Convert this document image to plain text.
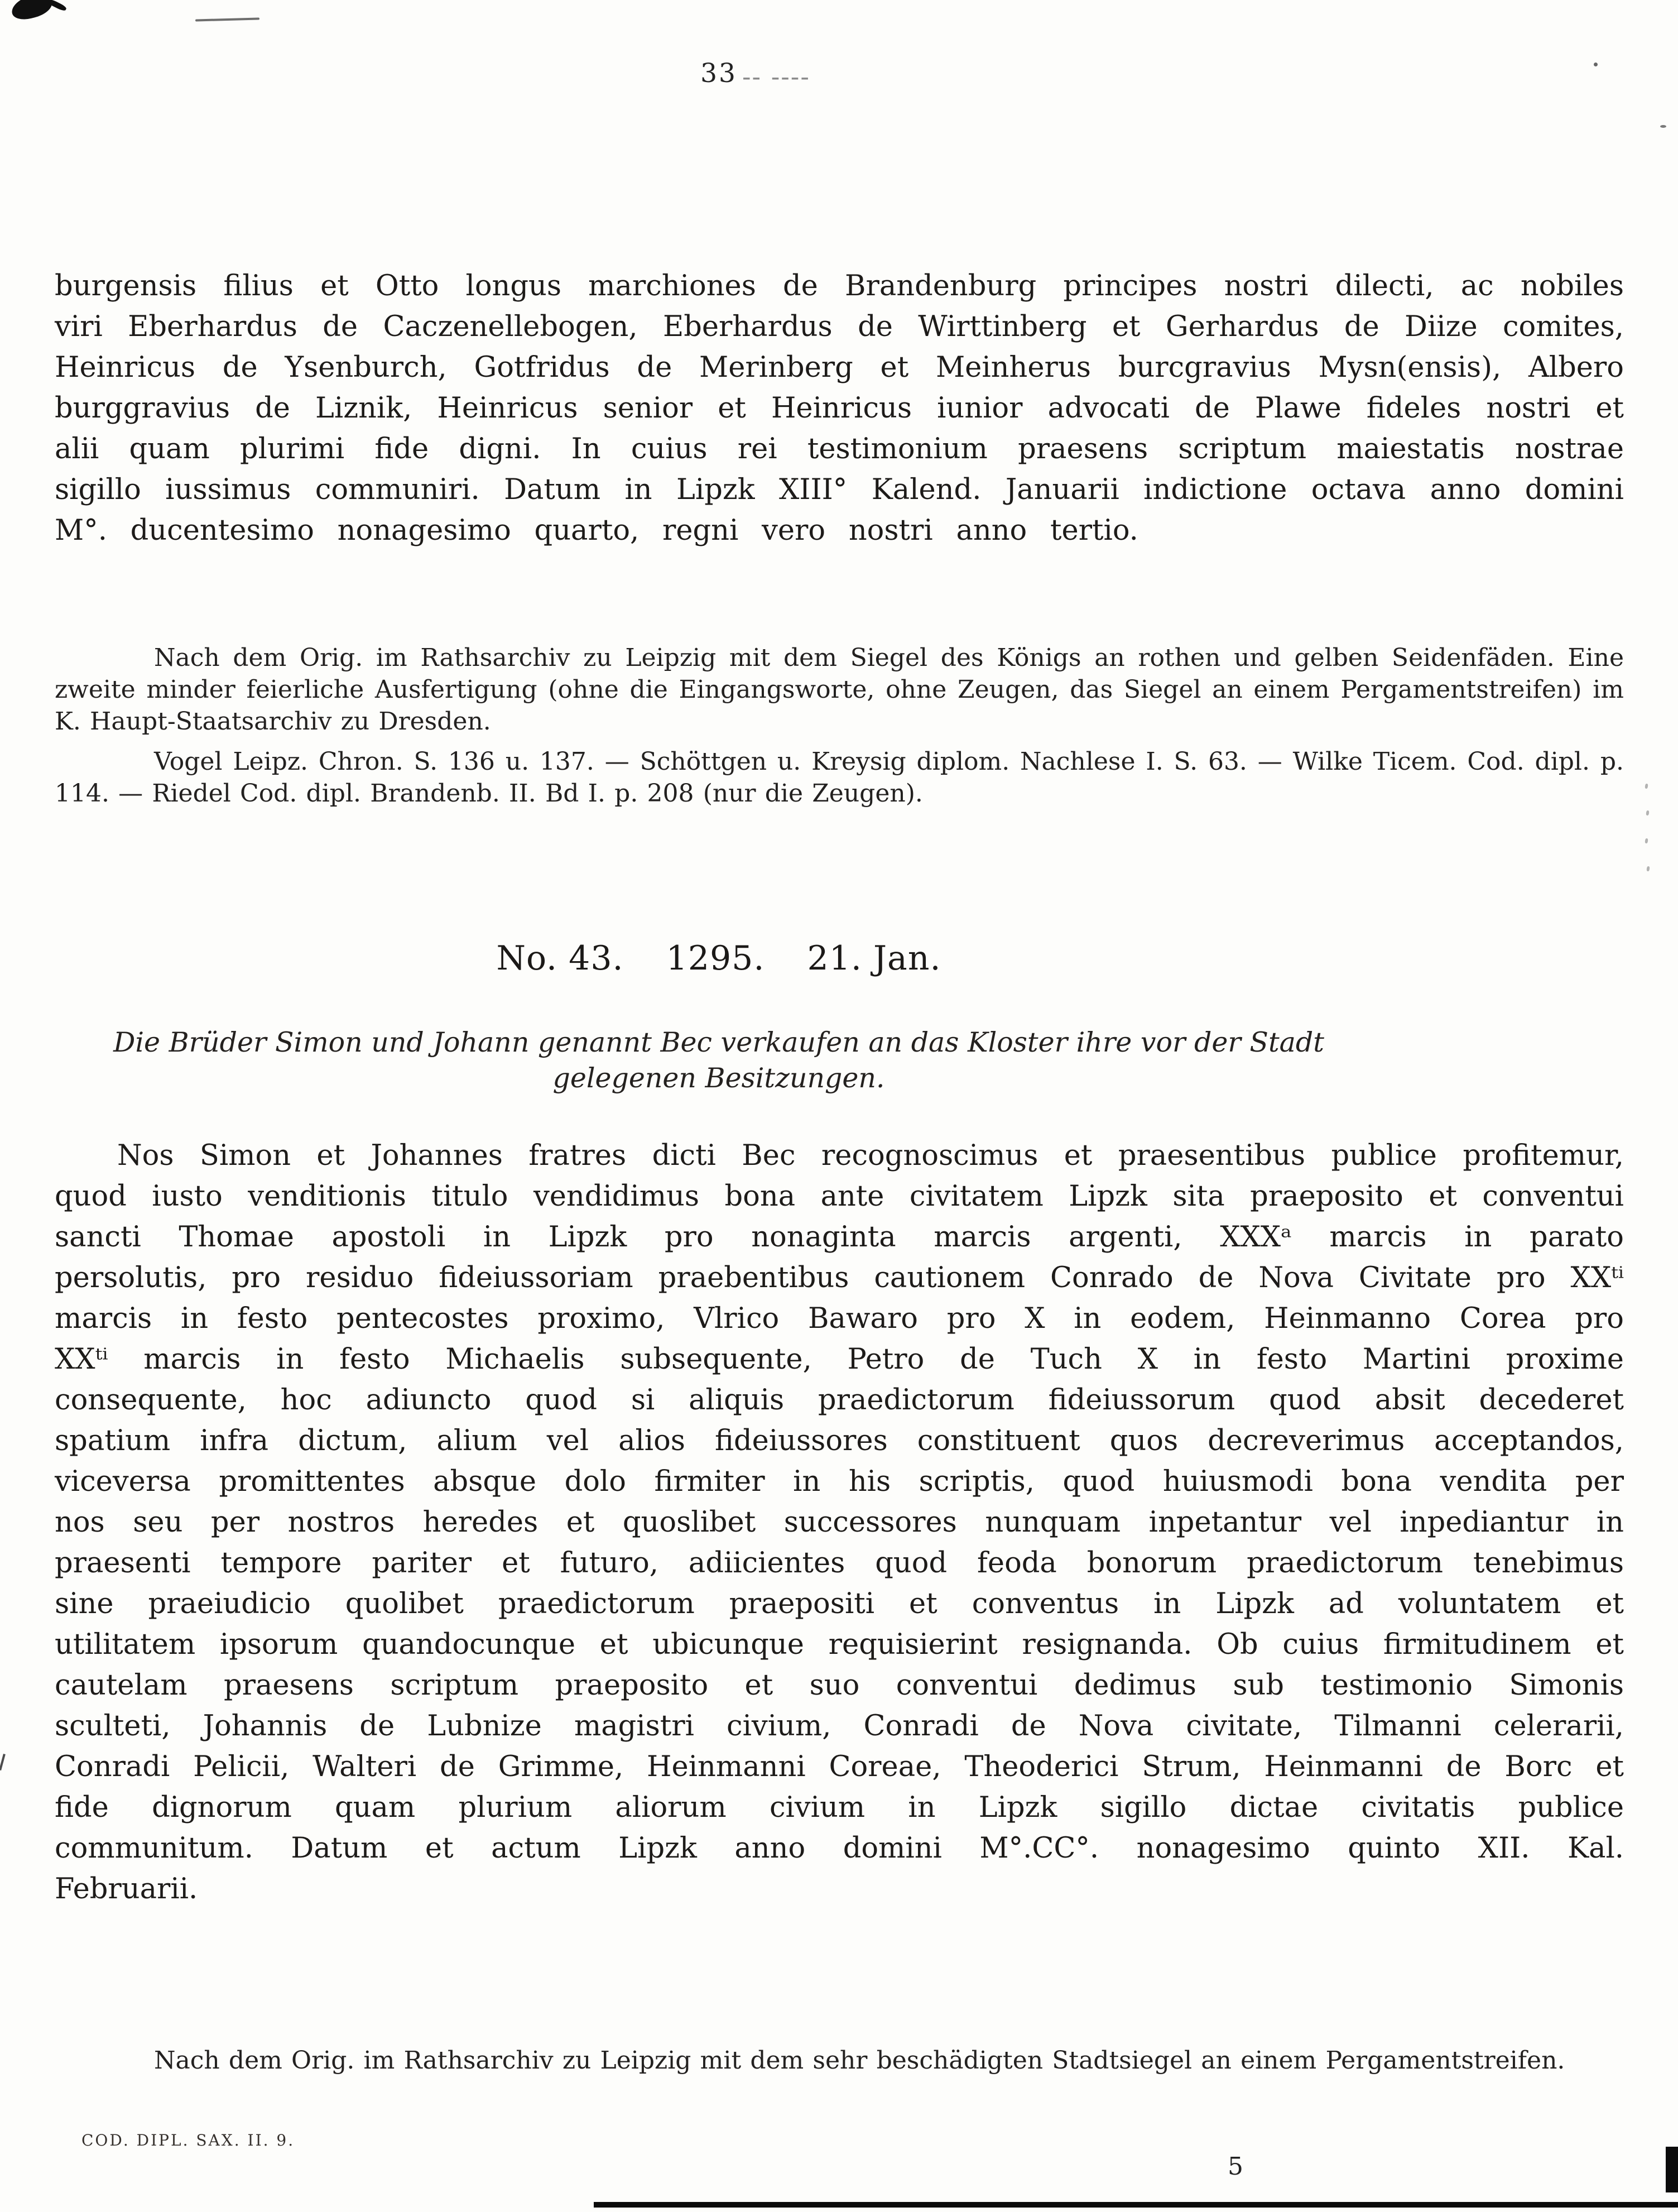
33 -- ----

burgensis filius et Otto longus marchiones de Brandenburg principes nostri dilecti, ac nobiles viri Eberhardus de Caczenellebogen, Eberhardus de Wirttinberg et Gerhardus de Diize comites, Heinricus de Ysenburch, Gotfridus de Merinberg et Meinherus burcgravius Mysn(ensis), Albero burggravius de Liznik, Heinricus senior et Heinricus iunior advocati de Plawe fideles nostri et alii quam plurimi fide digni. In cuius rei testimonium praesens scriptum maiestatis nostrae sigillo iussimus communiri. Datum in Lipzk XIII° Kalend. Januarii indictione octava anno domini M°. ducentesimo nonagesimo quarto, regni vero nostri anno tertio.

Nach dem Orig. im Rathsarchiv zu Leipzig mit dem Siegel des Königs an rothen und gelben Seidenfäden. Eine zweite minder feierliche Ausfertigung (ohne die Eingangsworte, ohne Zeugen, das Siegel an einem Pergamentstreifen) im K. Haupt-Staatsarchiv zu Dresden.

Vogel Leipz. Chron. S. 136 u. 137. — Schöttgen u. Kreysig diplom. Nachlese I. S. 63. — Wilke Ticem. Cod. dipl. p. 114. — Riedel Cod. dipl. Brandenb. II. Bd I. p. 208 (nur die Zeugen).

No. 43. 1295. 21. Jan.

Die Brüder Simon und Johann genannt Bec verkaufen an das Kloster ihre vor der Stadt gelegenen Besitzungen.

Nos Simon et Johannes fratres dicti Bec recognoscimus et praesentibus publice profitemur, quod iusto venditionis titulo vendidimus bona ante civitatem Lipzk sita praeposito et conventui sancti Thomae apostoli in Lipzk pro nonaginta marcis argenti, XXXᵃ marcis in parato persolutis, pro residuo fideiussoriam praebentibus cautionem Conrado de Nova Civitate pro XXᵗⁱ marcis in festo pentecostes proximo, Vlrico Bawaro pro X in eodem, Heinmanno Corea pro XXᵗⁱ marcis in festo Michaelis subsequente, Petro de Tuch X in festo Martini proxime consequente, hoc adiuncto quod si aliquis praedictorum fideiussorum quod absit decederet spatium infra dictum, alium vel alios fideiussores constituent quos decreverimus acceptandos, viceversa promittentes absque dolo firmiter in his scriptis, quod huiusmodi bona vendita per nos seu per nostros heredes et quoslibet successores nunquam inpetantur vel inpediantur in praesenti tempore pariter et futuro, adiicientes quod feoda bonorum praedictorum tenebimus sine praeiudicio quolibet praedictorum praepositi et conventus in Lipzk ad voluntatem et utilitatem ipsorum quandocunque et ubicunque requisierint resignanda. Ob cuius firmitudinem et cautelam praesens scriptum praeposito et suo conventui dedimus sub testimonio Simonis sculteti, Johannis de Lubnize magistri civium, Conradi de Nova civitate, Tilmanni celerarii, Conradi Pelicii, Walteri de Grimme, Heinmanni Coreae, Theoderici Strum, Heinmanni de Borc et fide dignorum quam plurium aliorum civium in Lipzk sigillo dictae civitatis publice communitum. Datum et actum Lipzk anno domini M°.CC°. nonagesimo quinto XII. Kal. Februarii.

Nach dem Orig. im Rathsarchiv zu Leipzig mit dem sehr beschädigten Stadtsiegel an einem Pergamentstreifen.

COD. DIPL. SAX. II. 9.
5
